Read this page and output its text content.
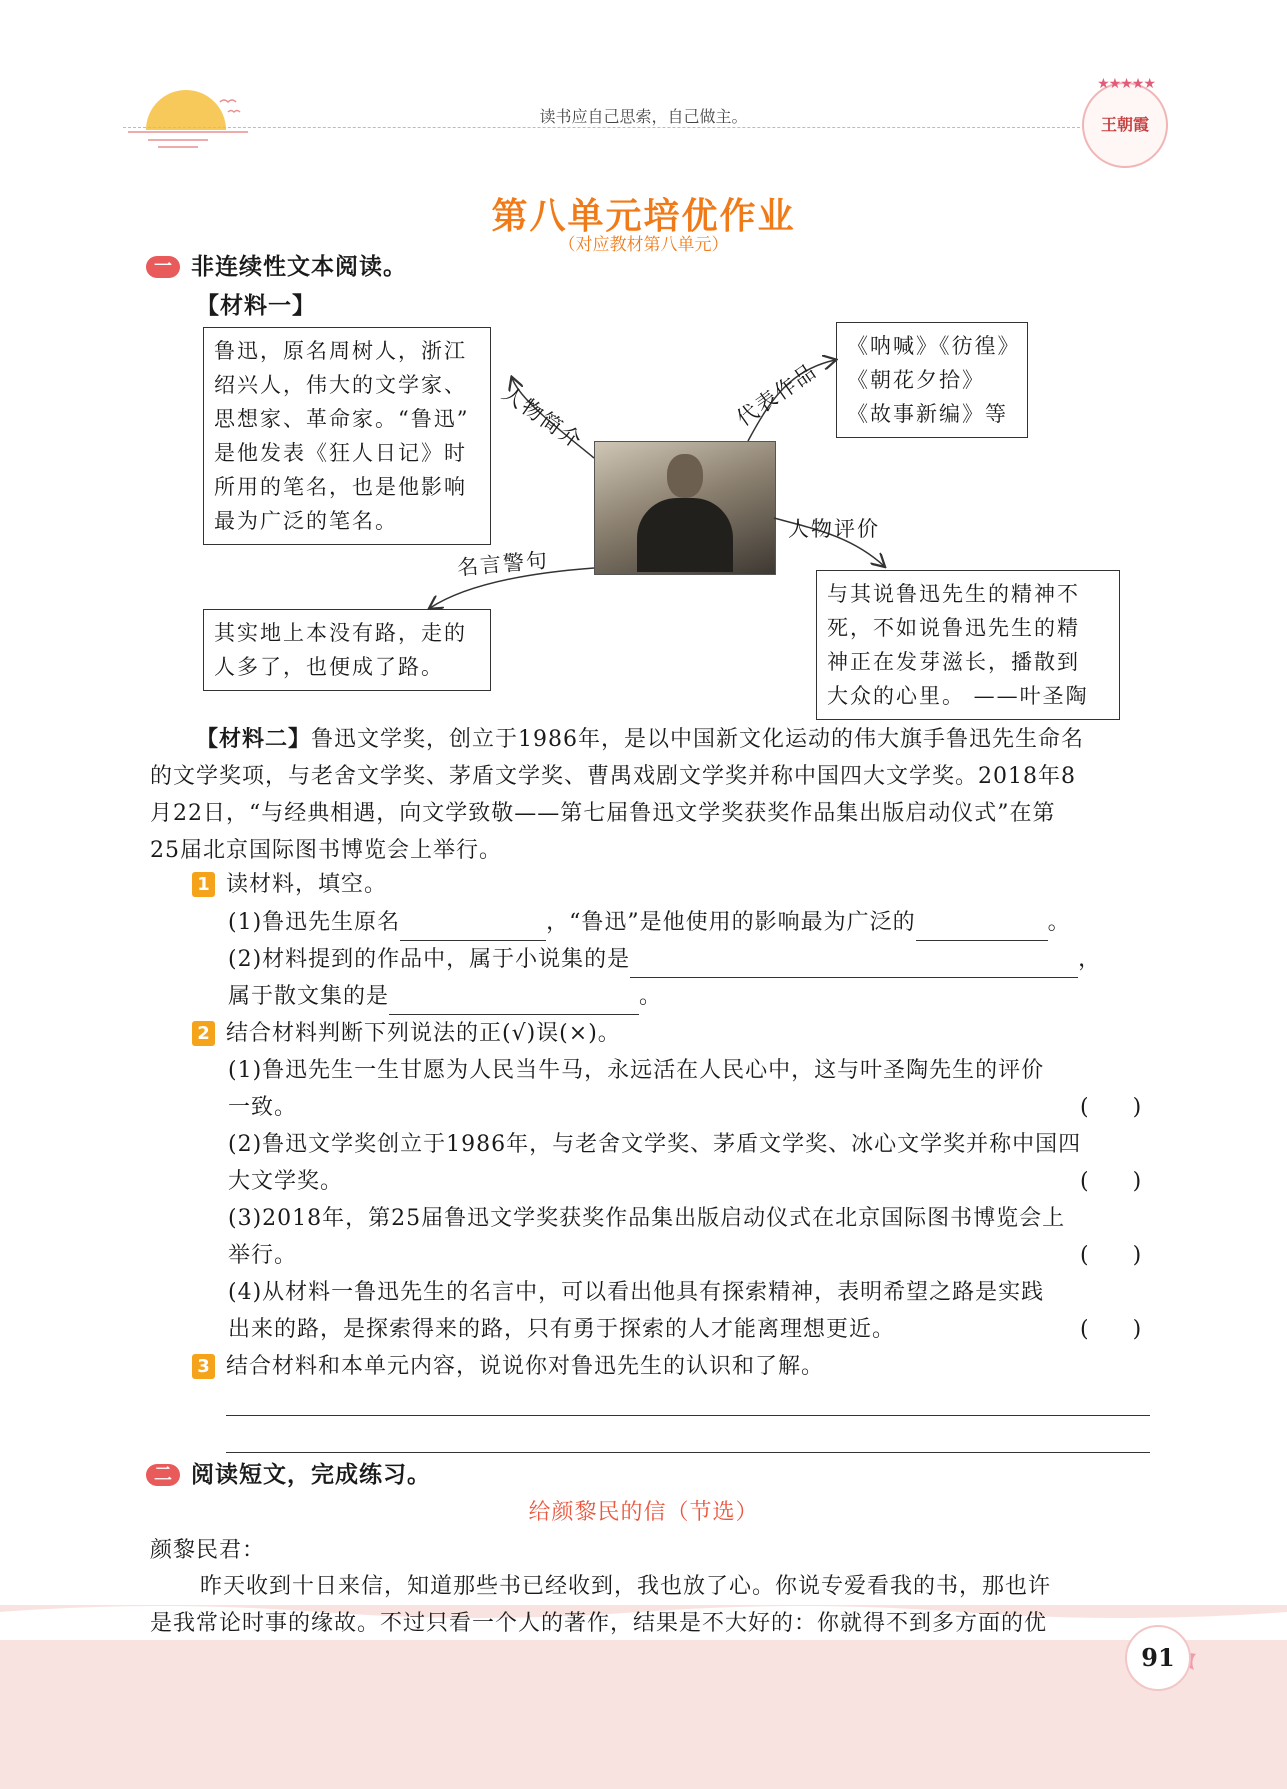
读书应自己思索，自己做主。
★★★★★
王朝霞
第八单元培优作业
（对应教材第八单元）
一 非连续性文本阅读。
【材料一】
鲁迅，原名周树人，浙江
绍兴人，伟大的文学家、
思想家、革命家。“鲁迅”
是他发表《狂人日记》时
所用的笔名，也是他影响
最为广泛的笔名。
《呐喊》《彷徨》
《朝花夕拾》
《故事新编》等
其实地上本没有路，走的
人多了，也便成了路。
与其说鲁迅先生的精神不
死，不如说鲁迅先生的精
神正在发芽滋长，播散到
大众的心里。 ——叶圣陶
人物简介	代表作品
人物评价
名言警句
【材料二】鲁迅文学奖，创立于1986年，是以中国新文化运动的伟大旗手鲁迅先生命名
的文学奖项，与老舍文学奖、茅盾文学奖、曹禺戏剧文学奖并称中国四大文学奖。2018年8
月22日，“与经典相遇，向文学致敬——第七届鲁迅文学奖获奖作品集出版启动仪式”在第
25届北京国际图书博览会上举行。
1 读材料，填空。
(1)鲁迅先生原名	，“鲁迅”是他使用的影响最为广泛的	。
(2)材料提到的作品中，属于小说集的是	，
属于散文集的是	。
2 结合材料判断下列说法的正(√)误(×)。
(1)鲁迅先生一生甘愿为人民当牛马，永远活在人民心中，这与叶圣陶先生的评价
一致。	(　　)
(2)鲁迅文学奖创立于1986年，与老舍文学奖、茅盾文学奖、冰心文学奖并称中国四
大文学奖。	(　　)
(3)2018年，第25届鲁迅文学奖获奖作品集出版启动仪式在北京国际图书博览会上
举行。	(　　)
(4)从材料一鲁迅先生的名言中，可以看出他具有探索精神，表明希望之路是实践
出来的路，是探索得来的路，只有勇于探索的人才能离理想更近。	(　　)
3 结合材料和本单元内容，说说你对鲁迅先生的认识和了解。
二 阅读短文，完成练习。
给颜黎民的信（节选）
颜黎民君：
昨天收到十日来信，知道那些书已经收到，我也放了心。你说专爱看我的书，那也许
是我常论时事的缘故。不过只看一个人的著作，结果是不大好的：你就得不到多方面的优
91
